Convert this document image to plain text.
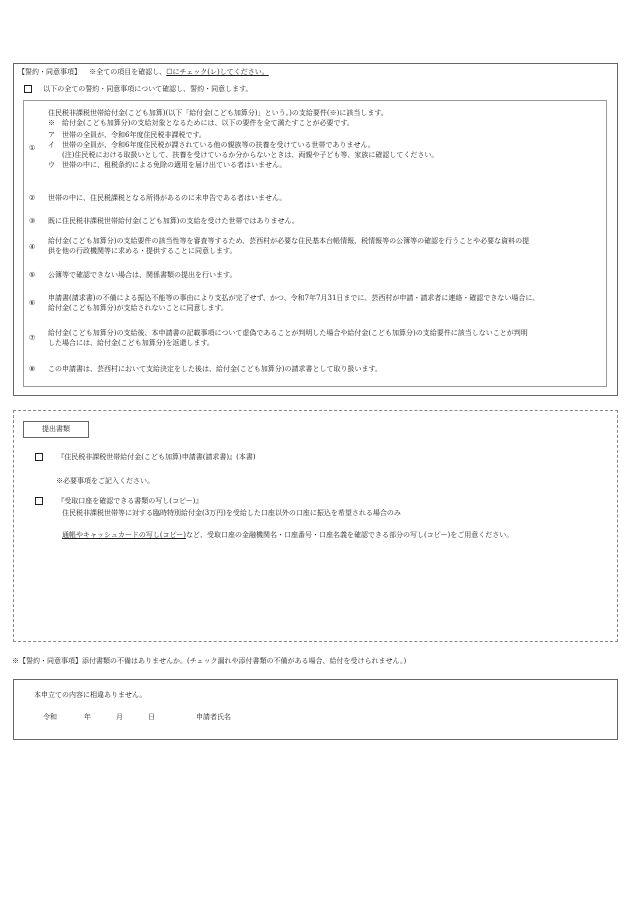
【誓約・同意事項】 ※全ての項目を確認し、☐にチェック(レ)してください。
以下の全ての誓約・同意事項について確認し、誓約・同意します。
住民税非課税世帯給付金(こども加算)(以下「給付金(こども加算分)」という。)の支給要件(※)に該当します。
※　給付金(こども加算分)の支給対象となるためには、以下の要件を全て満たすことが必要です。
①
ア　世帯の全員が、令和6年度住民税非課税です。
イ　世帯の全員が、令和6年度住民税が課されている他の親族等の扶養を受けている世帯でありません。
　　(注)住民税における取扱いとして、扶養を受けているか分からないときは、両親や子ども等、家族に確認してください。
ウ　世帯の中に、租税条約による免除の適用を届け出ている者はいません。
② 世帯の中に、住民税課税となる所得があるのに未申告である者はいません。
③ 既に住民税非課税世帯給付金(こども加算)の支給を受けた世帯ではありません。
④
給付金(こども加算分)の支給要件の該当性等を審査等するため、芸西村が必要な住民基本台帳情報、税情報等の公簿等の確認を行うことや必要な資料の提
供を他の行政機関等に求める・提供することに同意します。
⑤ 公簿等で確認できない場合は、関係書類の提出を行います。
⑥
申請書(請求書)の不備による振込不能等の事由により支払が完了せず、かつ、令和7年7月31日までに、芸西村が申請・請求者に連絡・確認できない場合に、
給付金(こども加算分)が支給されないことに同意します。
⑦
給付金(こども加算分)の支給後、本申請書の記載事項について虚偽であることが判明した場合や給付金(こども加算分)の支給要件に該当しないことが判明
した場合には、給付金(こども加算分)を返還します。
⑧ この申請書は、芸西村において支給決定をした後は、給付金(こども加算分)の請求書として取り扱います。
提出書類
『住民税非課税世帯給付金(こども加算)申請書(請求書)』(本書)
※必要事項をご記入ください。
『受取口座を確認できる書類の写し(コピー)』
住民税非課税世帯等に対する臨時特別給付金(3万円)を受給した口座以外の口座に振込を希望される場合のみ
通帳やキャッシュカードの写し(コピー)など、受取口座の金融機関名・口座番号・口座名義を確認できる部分の写し(コピー)をご用意ください。
※【誓約・同意事項】添付書類の不備はありませんか。(チェック漏れや添付書類の不備がある場合、給付を受けられません。)
本申立ての内容に相違ありません。
令和	年	月	日	申請者氏名
